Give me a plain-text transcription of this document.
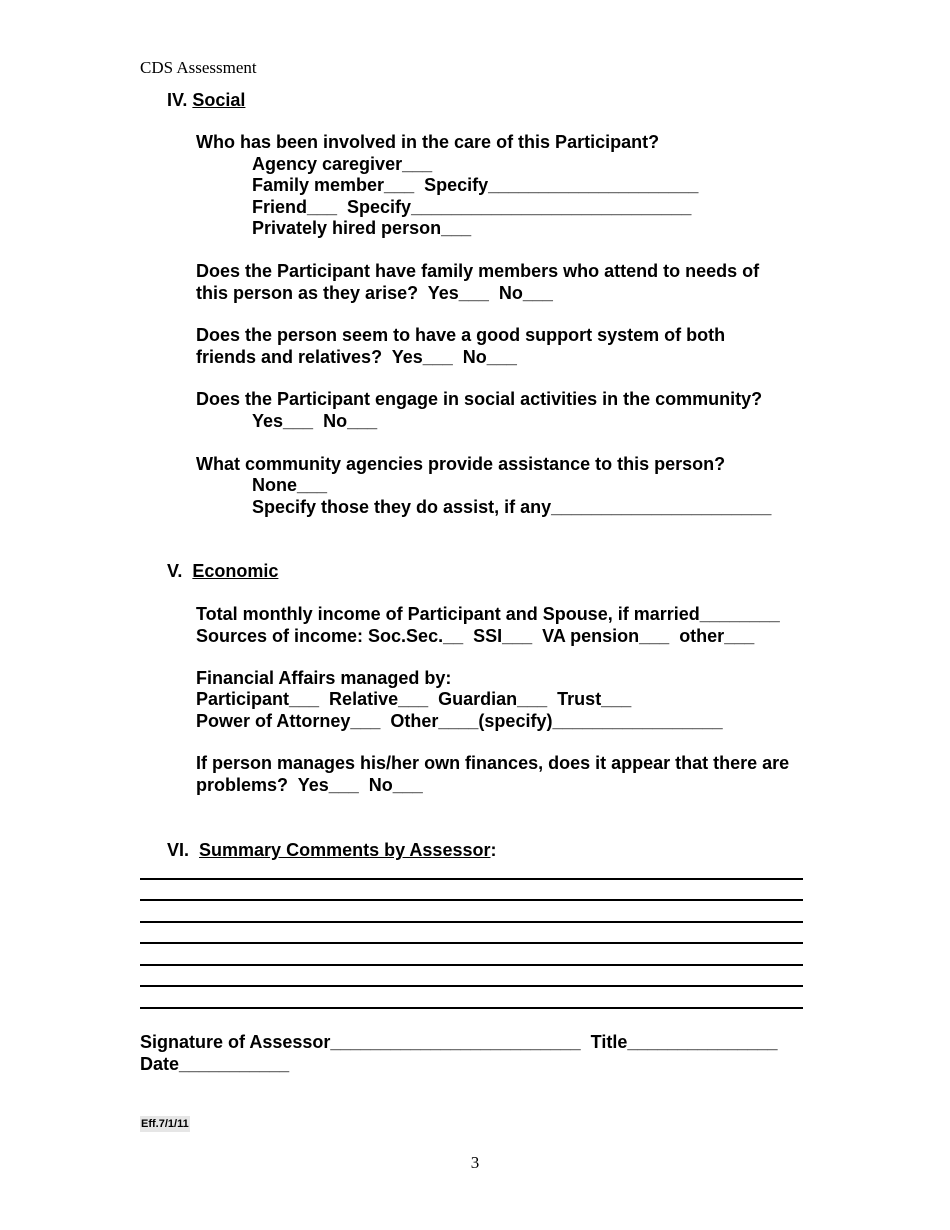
CDS Assessment
IV. Social
Who has been involved in the care of this Participant?
Agency caregiver___
Family member___  Specify_____________________
Friend___  Specify____________________________
Privately hired person___
Does the Participant have family members who attend to needs of
this person as they arise?  Yes___  No___
Does the person seem to have a good support system of both
friends and relatives?  Yes___  No___
Does the Participant engage in social activities in the community?
Yes___  No___
What community agencies provide assistance to this person?
None___
Specify those they do assist, if any______________________
V. Economic
Total monthly income of Participant and Spouse, if married________
Sources of income: Soc.Sec.__  SSI___  VA pension___  other___
Financial Affairs managed by:
Participant___  Relative___  Guardian___  Trust___
Power of Attorney___  Other____(specify)_________________
If person manages his/her own finances, does it appear that there are
problems?  Yes___  No___
VI. Summary Comments by Assessor:
Signature of Assessor_________________________  Title_______________
Date___________
Eff.7/1/11
3
